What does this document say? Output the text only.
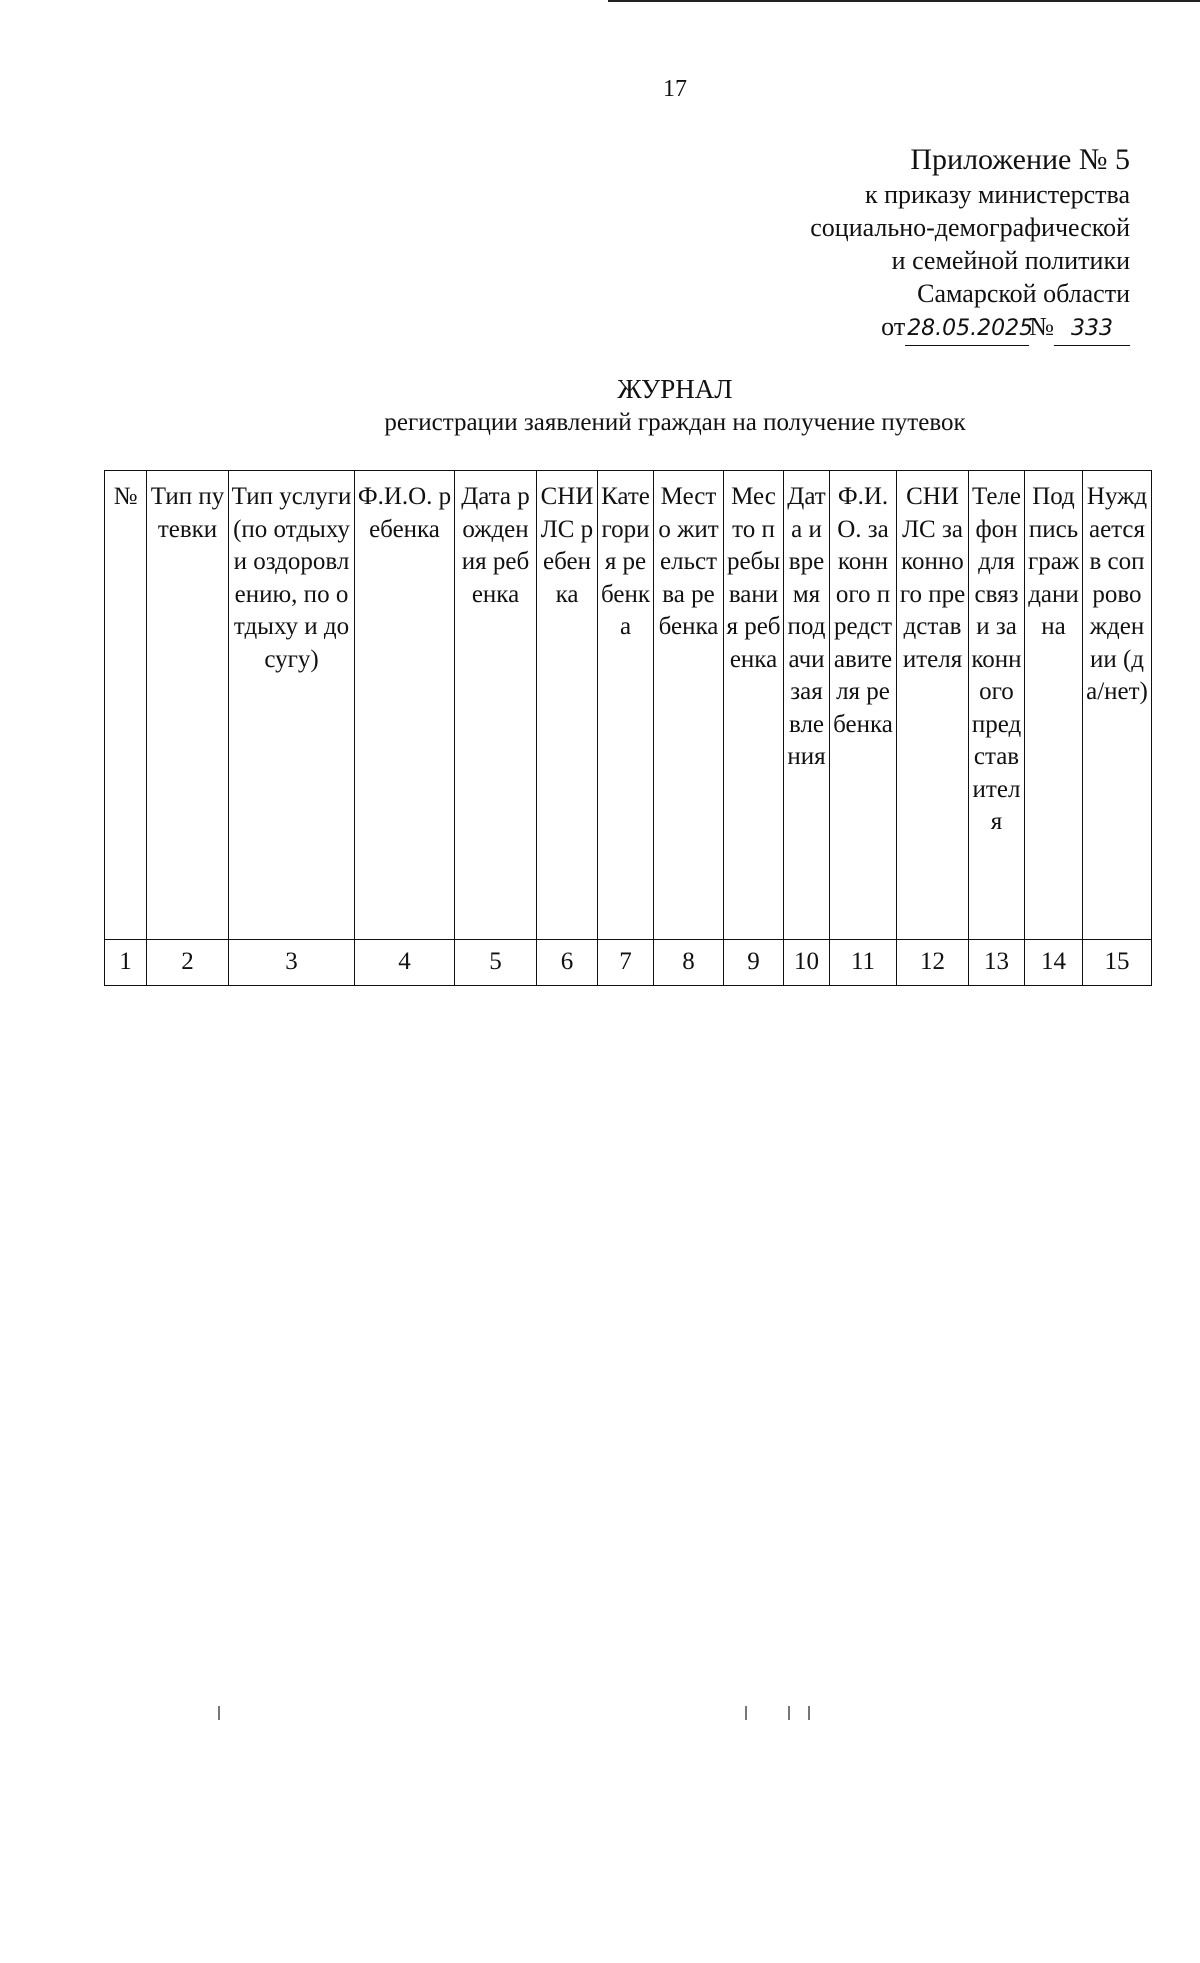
17
Приложение № 5
к приказу министерства
социально-демографической
и семейной политики
Самарской области
от28.05.2025№ 333
ЖУРНАЛ
регистрации заявлений граждан на получение путевок
№	Тип путевки	Тип услуги (по отдыху и оздоровлению, по отдыху и досугу)	Ф.И.О. ребенка	Дата рождения ребенка	СНИЛС ребенка	Категория ребенка	Место жительства ребенка	Место пребывания ребенка	Дата и время подачи заявления	Ф.И.О. законного представителя ребенка	СНИЛС законного представителя	Телефон для связи законного представителя	Подпись гражданина	Нуждается в сопровождении (да/нет)
1	2	3	4	5	6	7	8	9	10	11	12	13	14	15
